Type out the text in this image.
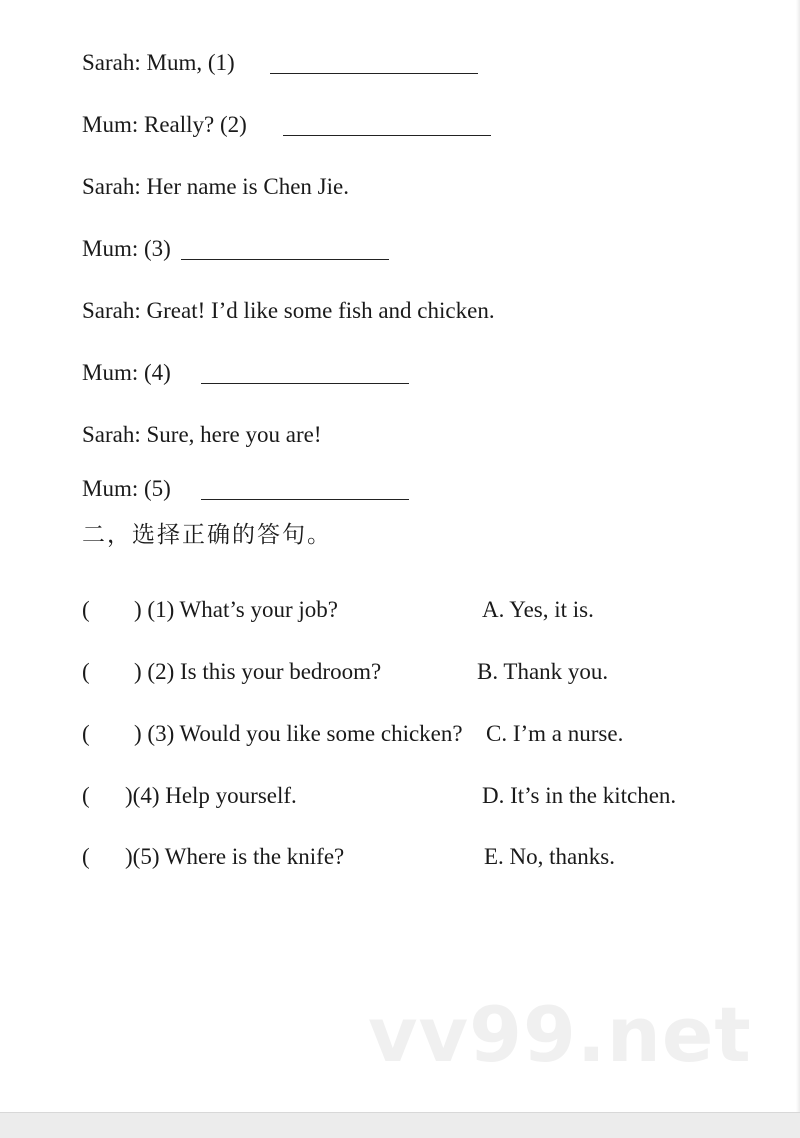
Sarah: Mum, (1)
Mum: Really? (2)
Sarah: Her name is Chen Jie.
Mum: (3)
Sarah: Great! I’d like some fish and chicken.
Mum: (4)
Sarah: Sure, here you are!
Mum: (5)
二，选择正确的答句。
( ) (1) What’s your job?	A. Yes, it is.
( ) (2) Is this your bedroom?	B. Thank you.
( ) (3) Would you like some chicken? C. I’m a nurse.
( )(4) Help yourself.	D. It’s in the kitchen.
( )(5) Where is the knife?	E. No, thanks.
vv99.net
